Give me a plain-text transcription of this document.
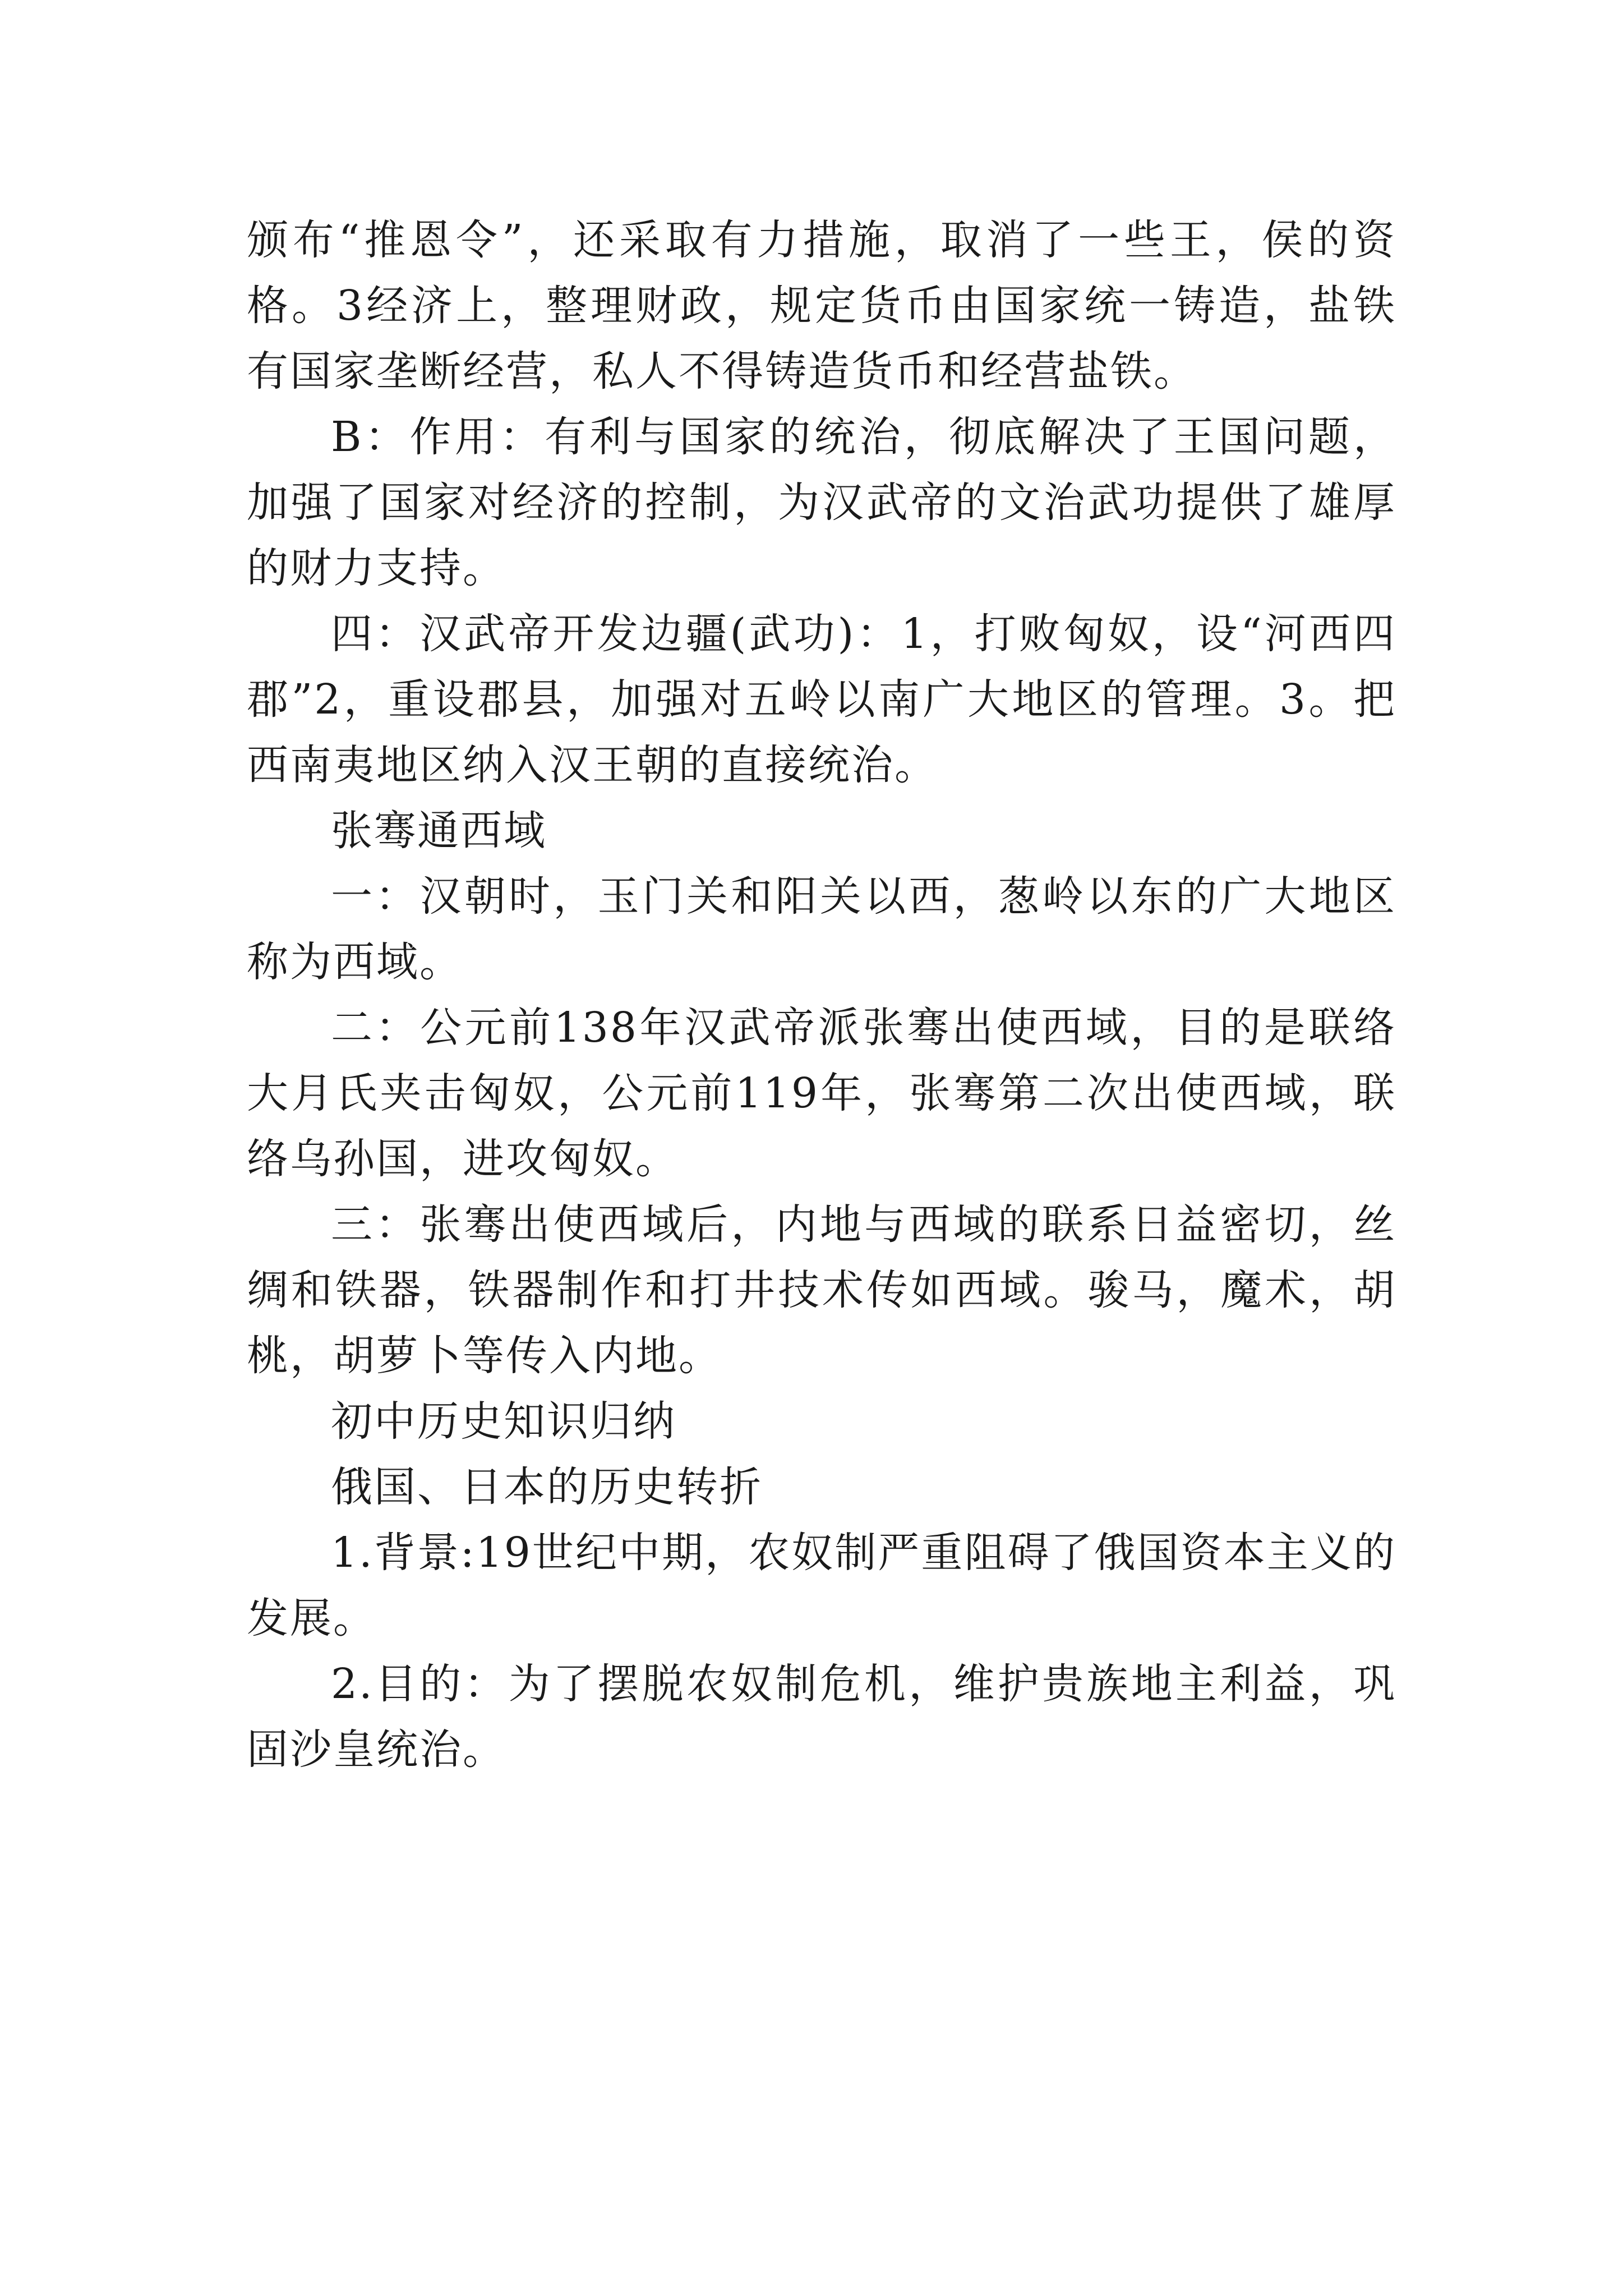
颁布“推恩令”，还采取有力措施，取消了一些王，侯的资格。3经济上，整理财政，规定货币由国家统一铸造，盐铁有国家垄断经营，私人不得铸造货币和经营盐铁。

B：作用：有利与国家的统治，彻底解决了王国问题，加强了国家对经济的控制，为汉武帝的文治武功提供了雄厚的财力支持。

四：汉武帝开发边疆(武功)：1，打败匈奴，设“河西四郡”2，重设郡县，加强对五岭以南广大地区的管理。3。把西南夷地区纳入汉王朝的直接统治。

张骞通西域

一：汉朝时，玉门关和阳关以西，葱岭以东的广大地区称为西域。

二：公元前138年汉武帝派张骞出使西域，目的是联络大月氏夹击匈奴，公元前119年，张骞第二次出使西域，联络乌孙国，进攻匈奴。

三：张骞出使西域后，内地与西域的联系日益密切，丝绸和铁器，铁器制作和打井技术传如西域。骏马，魔术，胡桃，胡萝卜等传入内地。

初中历史知识归纳

俄国、日本的历史转折

1.背景:19世纪中期，农奴制严重阻碍了俄国资本主义的发展。

2.目的：为了摆脱农奴制危机，维护贵族地主利益，巩固沙皇统治。
